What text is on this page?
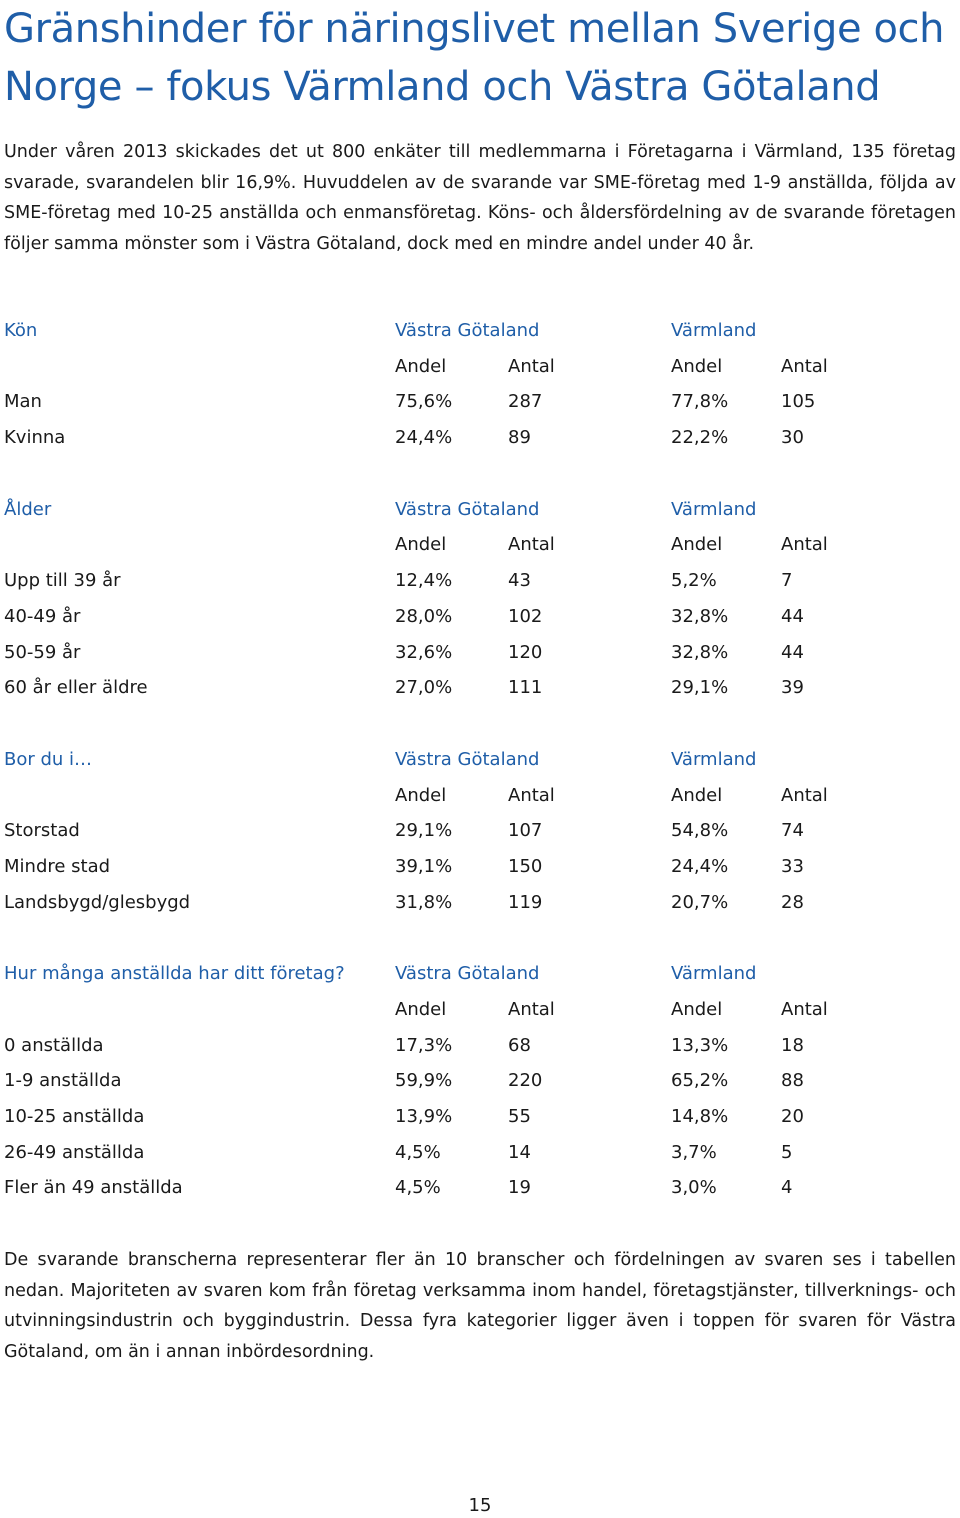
Gränshinder för näringslivet mellan Sverige och
Norge – fokus Värmland och Västra Götaland

Under våren 2013 skickades det ut 800 enkäter till medlemmarna i Företagarna i Värmland, 135 företag svarade, svarandelen blir 16,9%. Huvuddelen av de svarande var SME-företag med 1-9 anställda, följda av SME-företag med 10-25 anställda och enmansföretag. Köns- och åldersfördelning av de svarande företagen följer samma mönster som i Västra Götaland, dock med en mindre andel under 40 år.

Kön	Västra Götaland	Värmland
Andel	Antal	Andel	Antal
Man	75,6%	287	77,8%	105
Kvinna	24,4%	89	22,2%	30
Ålder	Västra Götaland	Värmland
Andel	Antal	Andel	Antal
Upp till 39 år	12,4%	43	5,2%	7
40-49 år	28,0%	102	32,8%	44
50-59 år	32,6%	120	32,8%	44
60 år eller äldre	27,0%	111	29,1%	39
Bor du i…	Västra Götaland	Värmland
Andel	Antal	Andel	Antal
Storstad	29,1%	107	54,8%	74
Mindre stad	39,1%	150	24,4%	33
Landsbygd/glesbygd	31,8%	119	20,7%	28
Hur många anställda har ditt företag?	Västra Götaland	Värmland
Andel	Antal	Andel	Antal
0 anställda	17,3%	68	13,3%	18
1-9 anställda	59,9%	220	65,2%	88
10-25 anställda	13,9%	55	14,8%	20
26-49 anställda	4,5%	14	3,7%	5
Fler än 49 anställda	4,5%	19	3,0%	4

De svarande branscherna representerar fler än 10 branscher och fördelningen av svaren ses i tabellen nedan. Majoriteten av svaren kom från företag verksamma inom handel, företagstjänster, tillverknings- och utvinningsindustrin och byggindustrin. Dessa fyra kategorier ligger även i toppen för svaren för Västra Götaland, om än i annan inbördesordning.

15
